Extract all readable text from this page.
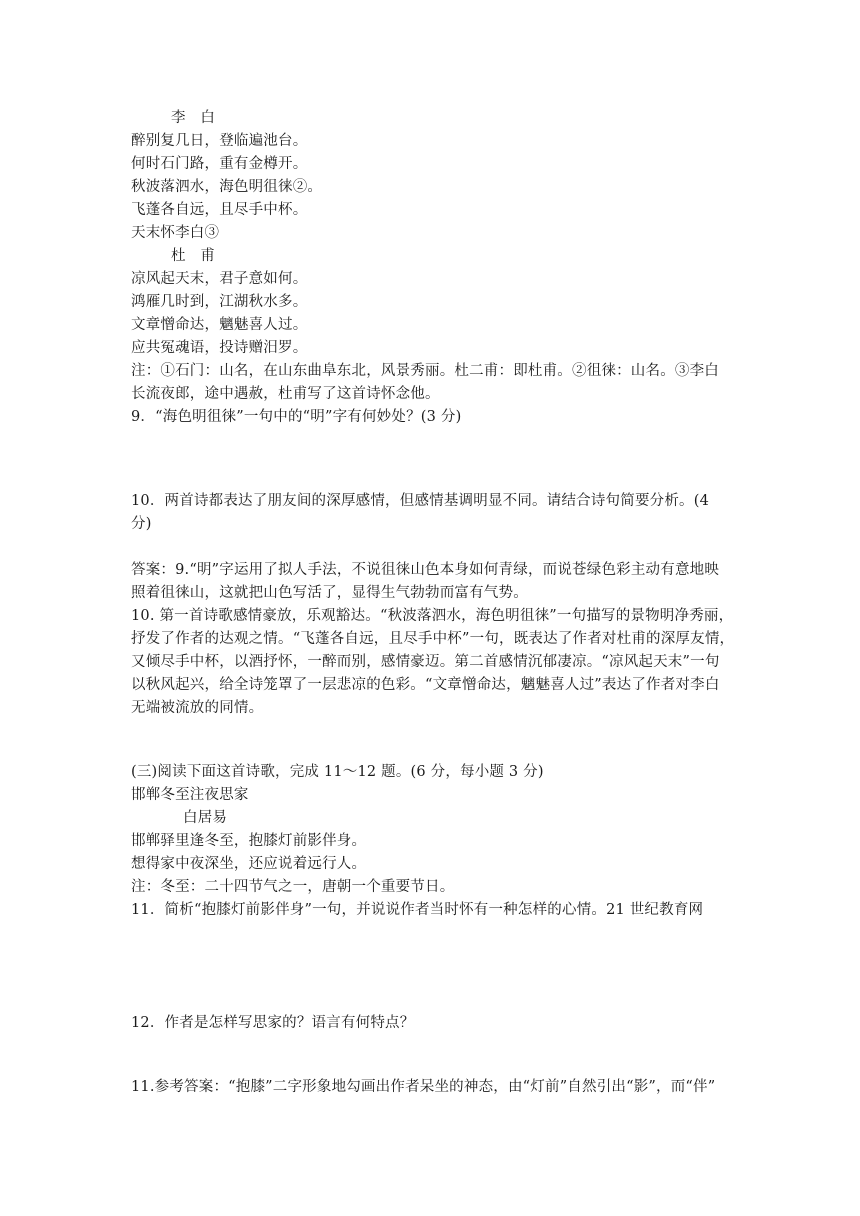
李　白
醉别复几日，登临遍池台。
何时石门路，重有金樽开。
秋波落泗水，海色明徂徕②。
飞蓬各自远，且尽手中杯。
天末怀李白③
杜　甫
凉风起天末，君子意如何。
鸿雁几时到，江湖秋水多。
文章憎命达，魑魅喜人过。
应共冤魂语，投诗赠汨罗。
注：①石门：山名，在山东曲阜东北，风景秀丽。杜二甫：即杜甫。②徂徕：山名。③李白
长流夜郎，途中遇赦，杜甫写了这首诗怀念他。
9．“海色明徂徕”一句中的“明”字有何妙处？(3 分)
10．两首诗都表达了朋友间的深厚感情，但感情基调明显不同。请结合诗句简要分析。(4
分)
答案：9.“明”字运用了拟人手法，不说徂徕山色本身如何青绿，而说苍绿色彩主动有意地映
照着徂徕山，这就把山色写活了，显得生气勃勃而富有气势。
10. 第一首诗歌感情豪放，乐观豁达。“秋波落泗水，海色明徂徕”一句描写的景物明净秀丽，
抒发了作者的达观之情。“飞蓬各自远，且尽手中杯”一句，既表达了作者对杜甫的深厚友情，
又倾尽手中杯，以酒抒怀，一醉而别，感情豪迈。第二首感情沉郁凄凉。“凉风起天末”一句
以秋风起兴，给全诗笼罩了一层悲凉的色彩。“文章憎命达，魑魅喜人过”表达了作者对李白
无端被流放的同情。
(三)阅读下面这首诗歌，完成 11～12 题。(6 分，每小题 3 分)
邯郸冬至注夜思家
白居易
邯郸驿里逢冬至，抱膝灯前影伴身。
想得家中夜深坐，还应说着远行人。
注：冬至：二十四节气之一，唐朝一个重要节日。
11．简析“抱膝灯前影伴身”一句，并说说作者当时怀有一种怎样的心情。21 世纪教育网
12．作者是怎样写思家的？语言有何特点？
11.参考答案：“抱膝”二字形象地勾画出作者呆坐的神态，由“灯前”自然引出“影”，而“伴”
